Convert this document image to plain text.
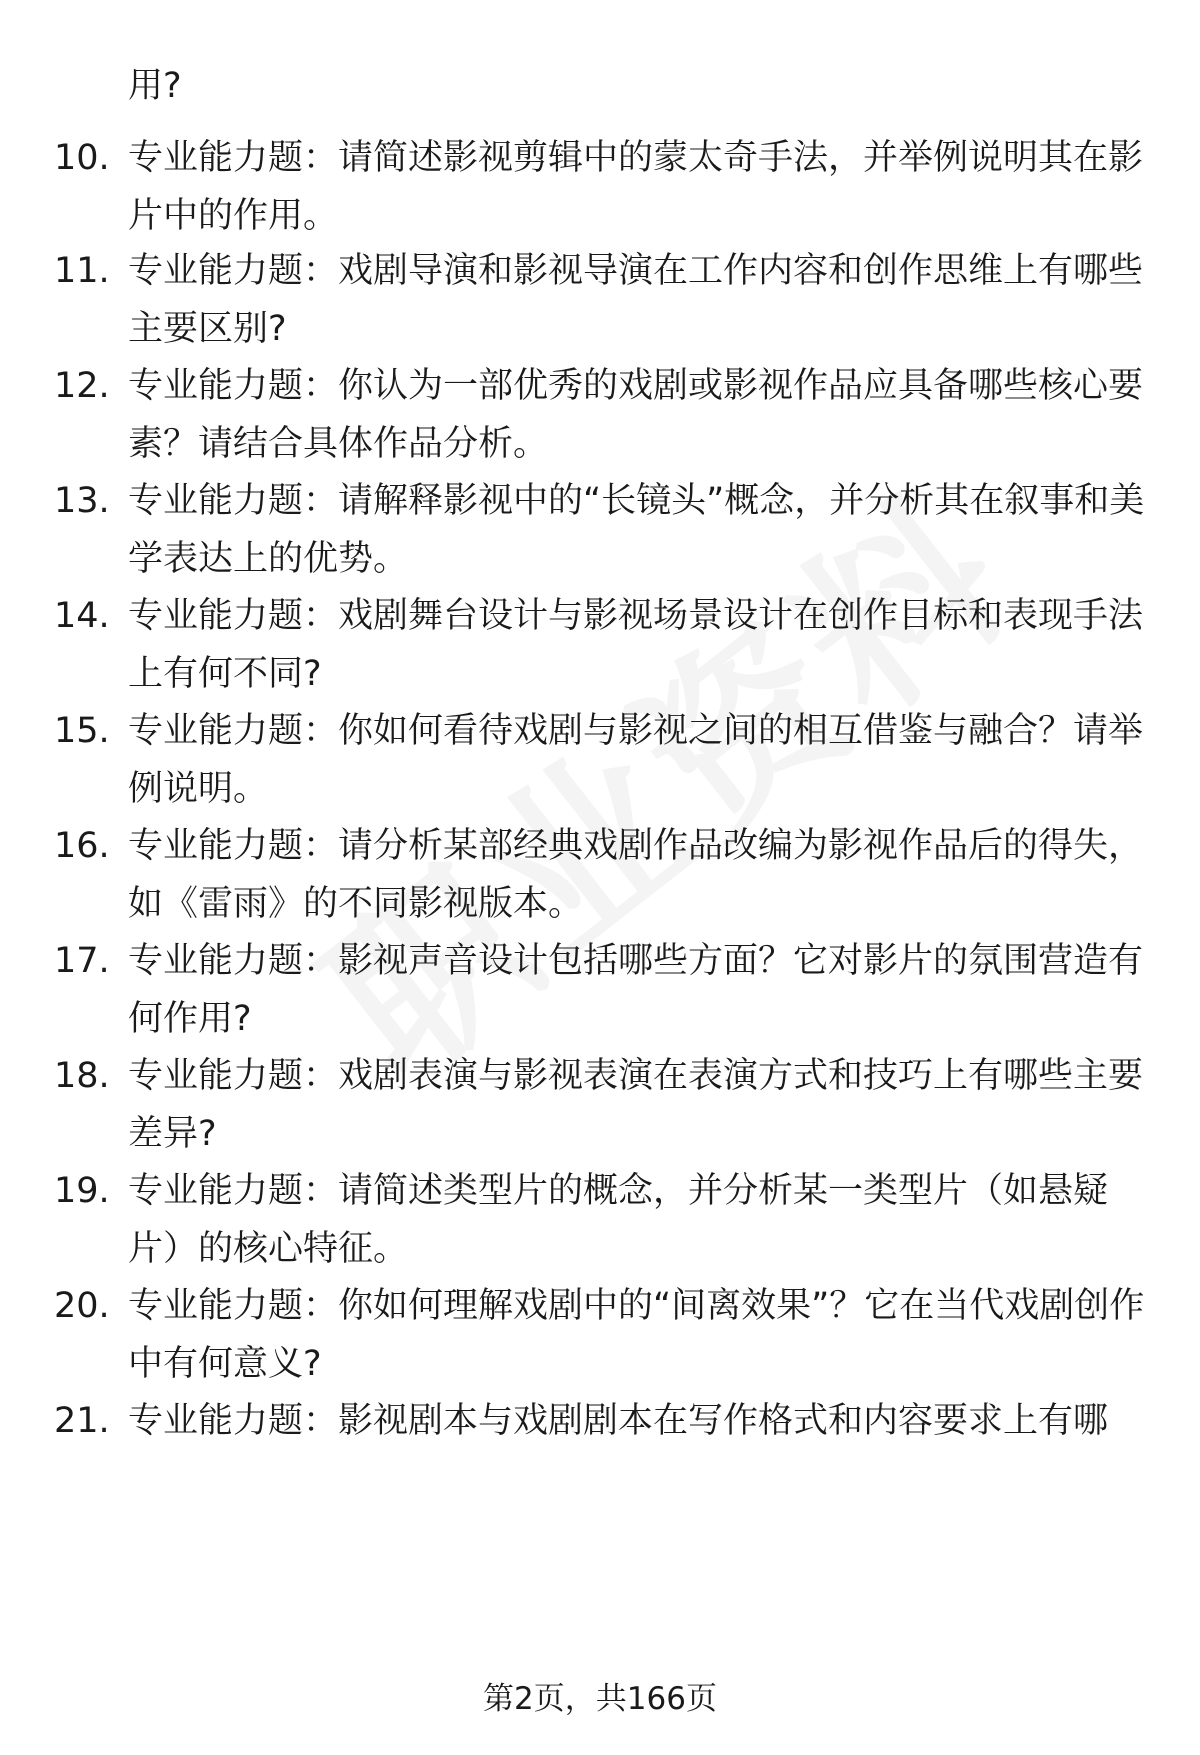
用?
10. 专业能力题：请简述影视剪辑中的蒙太奇手法，并举例说明其在影片中的作用。
11. 专业能力题：戏剧导演和影视导演在工作内容和创作思维上有哪些主要区别?
12. 专业能力题：你认为一部优秀的戏剧或影视作品应具备哪些核心要素？请结合具体作品分析。
13. 专业能力题：请解释影视中的“长镜头”概念，并分析其在叙事和美学表达上的优势。
14. 专业能力题：戏剧舞台设计与影视场景设计在创作目标和表现手法上有何不同?
15. 专业能力题：你如何看待戏剧与影视之间的相互借鉴与融合？请举例说明。
16. 专业能力题：请分析某部经典戏剧作品改编为影视作品后的得失，如《雷雨》的不同影视版本。
17. 专业能力题：影视声音设计包括哪些方面？它对影片的氛围营造有何作用?
18. 专业能力题：戏剧表演与影视表演在表演方式和技巧上有哪些主要差异?
19. 专业能力题：请简述类型片的概念，并分析某一类型片（如悬疑片）的核心特征。
20. 专业能力题：你如何理解戏剧中的“间离效果”？它在当代戏剧创作中有何意义?
21. 专业能力题：影视剧本与戏剧剧本在写作格式和内容要求上有哪
第2页，共166页
